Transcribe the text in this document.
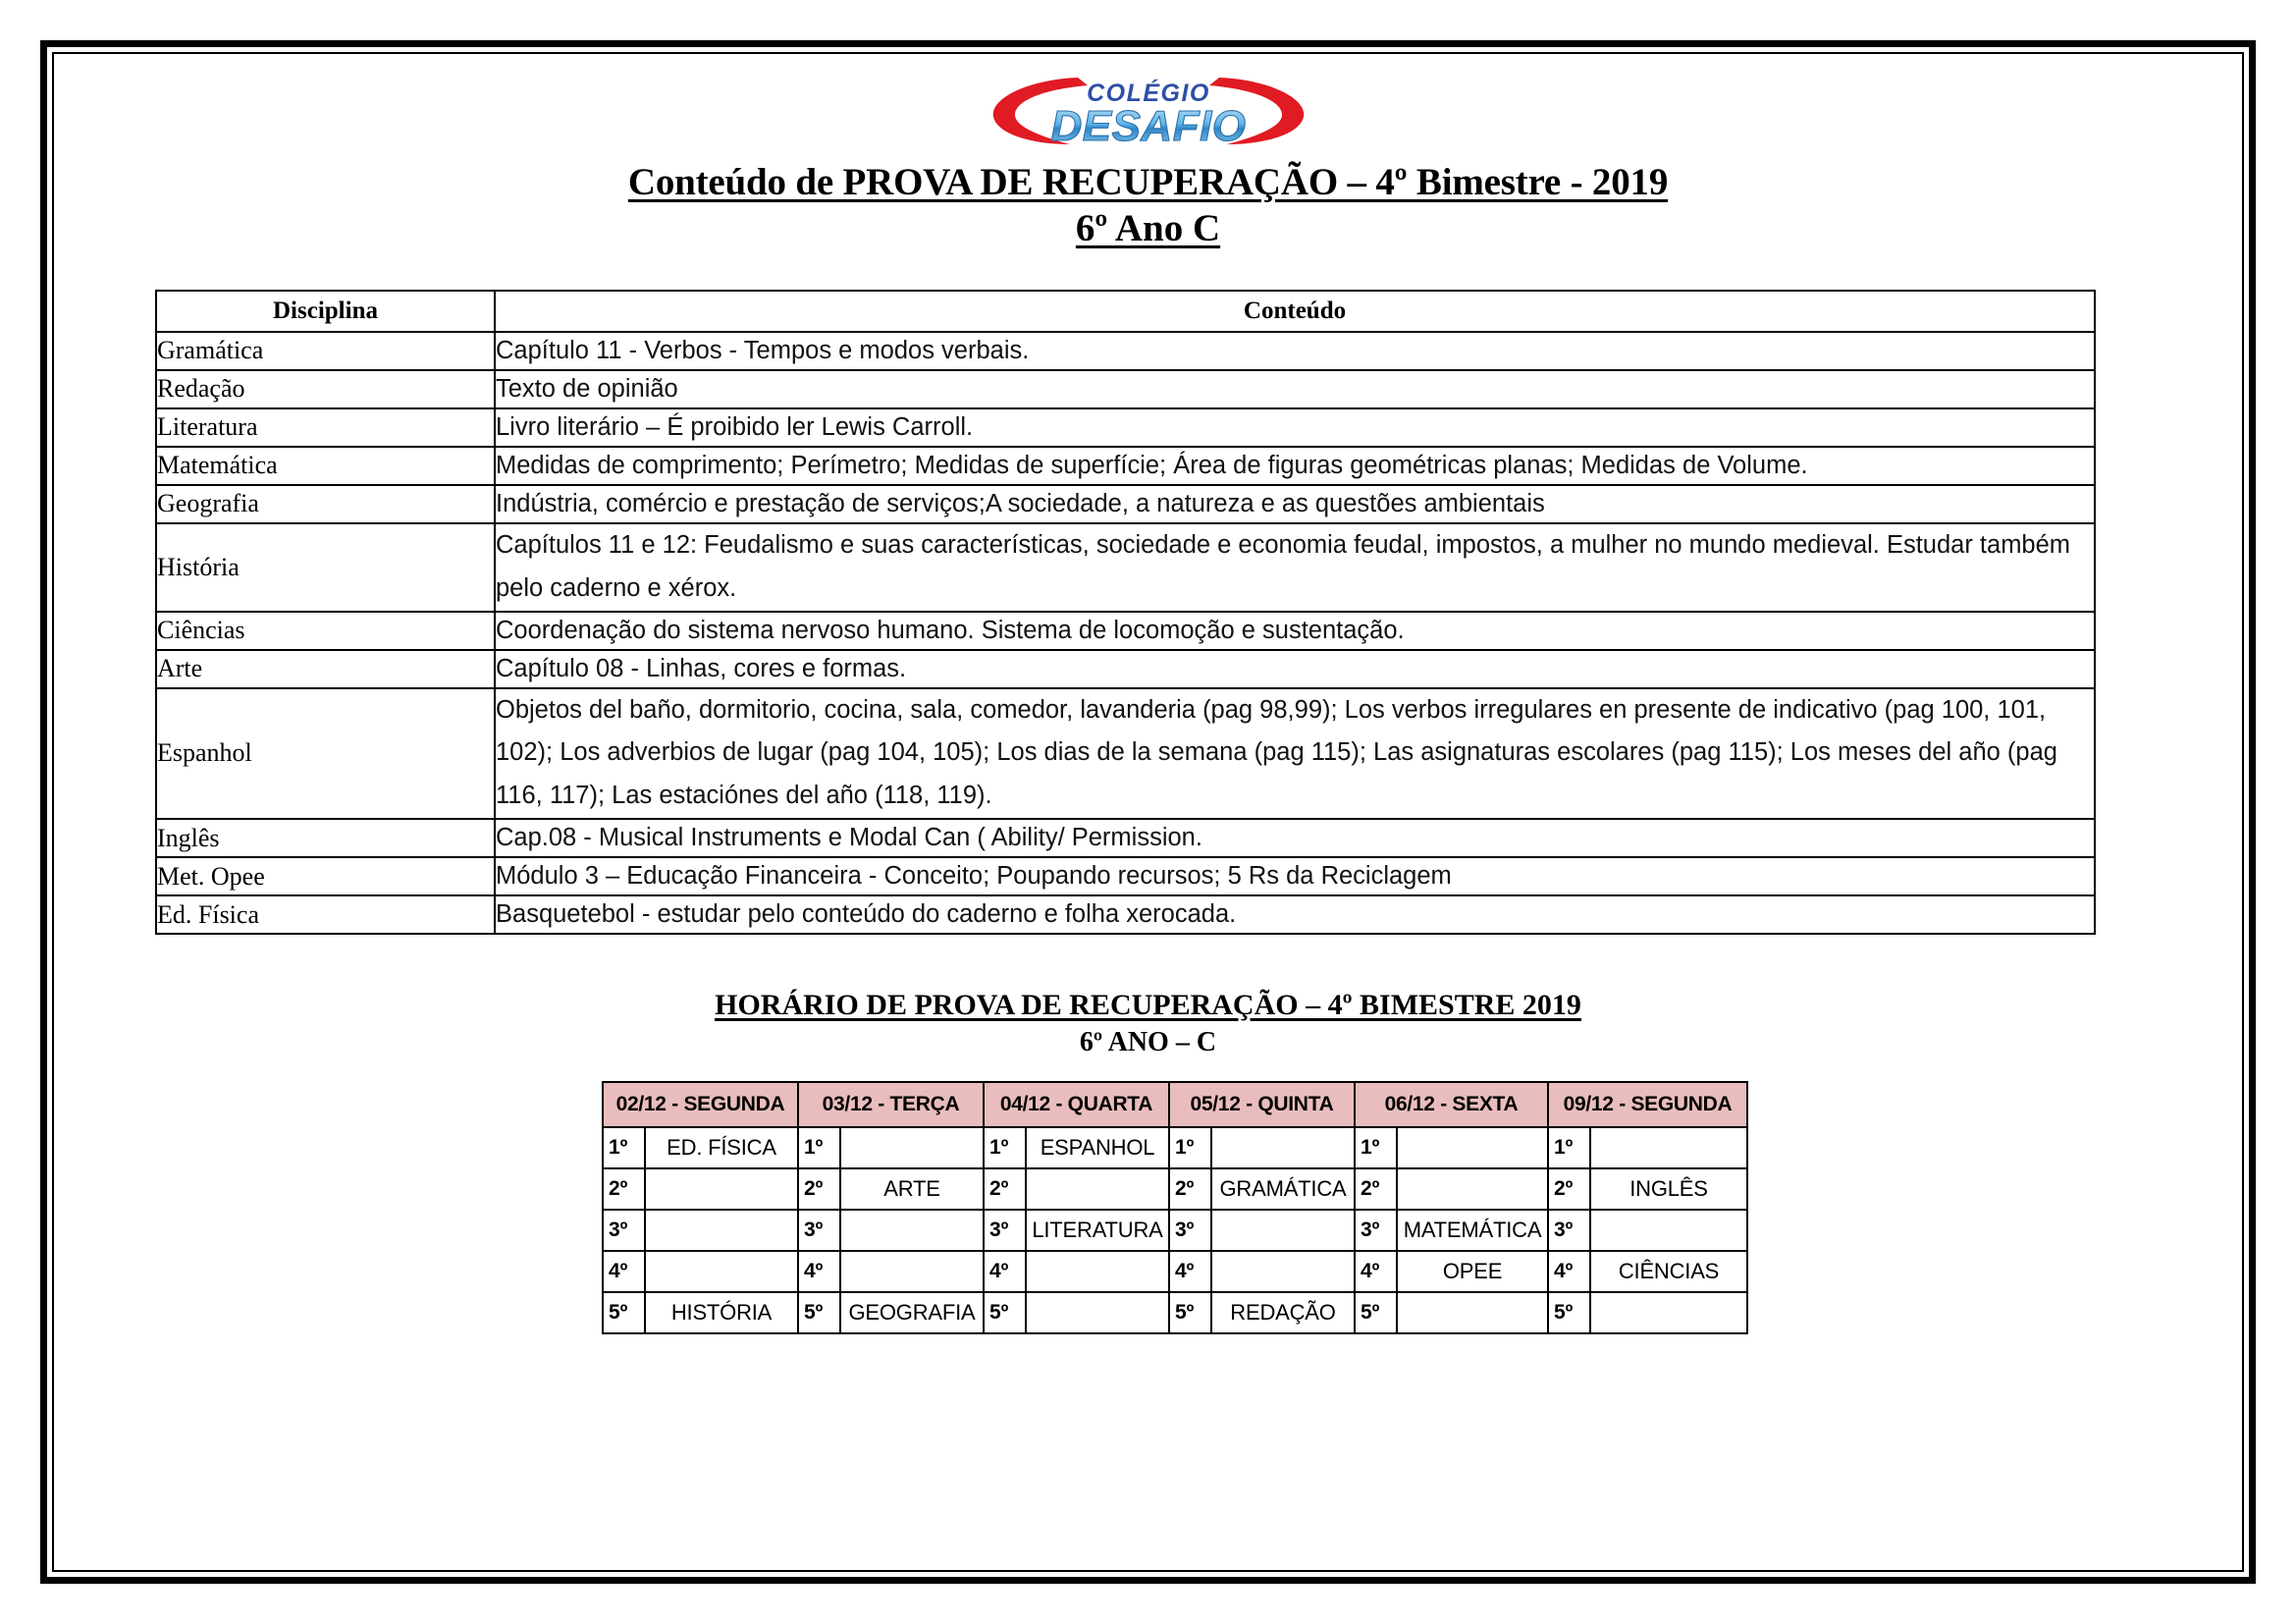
COLÉGIO
DESAFIO
Conteúdo de PROVA DE RECUPERAÇÃO – 4º Bimestre - 2019
6º Ano C
Disciplina	Conteúdo
Gramática	Capítulo 11 - Verbos - Tempos e modos verbais.
Redação	Texto de opinião
Literatura	Livro literário – É proibido ler Lewis Carroll.
Matemática	Medidas de comprimento; Perímetro; Medidas de superfície; Área de figuras geométricas planas; Medidas de Volume.
Geografia	Indústria, comércio e prestação de serviços;A sociedade, a natureza e as questões ambientais
História	Capítulos 11 e 12: Feudalismo e suas características, sociedade e economia feudal, impostos, a mulher no mundo medieval. Estudar também pelo caderno e xérox.
Ciências	Coordenação do sistema nervoso humano. Sistema de locomoção e sustentação.
Arte	Capítulo 08 - Linhas, cores e formas.
Espanhol	Objetos del baño, dormitorio, cocina, sala, comedor, lavanderia (pag 98,99); Los verbos irregulares en presente de indicativo (pag 100, 101, 102); Los adverbios de lugar (pag 104, 105); Los dias de la semana (pag 115); Las asignaturas escolares (pag 115); Los meses del año (pag 116, 117); Las estaciónes del año (118, 119).
Inglês	Cap.08 - Musical Instruments e Modal Can ( Ability/ Permission.
Met. Opee	Módulo 3 – Educação Financeira - Conceito; Poupando recursos; 5 Rs da Reciclagem
Ed. Física	Basquetebol - estudar pelo conteúdo do caderno e folha xerocada.
HORÁRIO DE PROVA DE RECUPERAÇÃO – 4º BIMESTRE 2019
6º ANO – C
02/12 - SEGUNDA		03/12 - TERÇA		04/12 - QUARTA		05/12 - QUINTA		06/12 - SEXTA		09/12 - SEGUNDA	
1º	ED. FÍSICA	1º		1º	ESPANHOL	1º		1º		1º	
2º		2º	ARTE	2º		2º	GRAMÁTICA	2º		2º	INGLÊS
3º		3º		3º	LITERATURA	3º		3º	MATEMÁTICA	3º	
4º		4º		4º		4º		4º	OPEE	4º	CIÊNCIAS
5º	HISTÓRIA	5º	GEOGRAFIA	5º		5º	REDAÇÃO	5º		5º	
